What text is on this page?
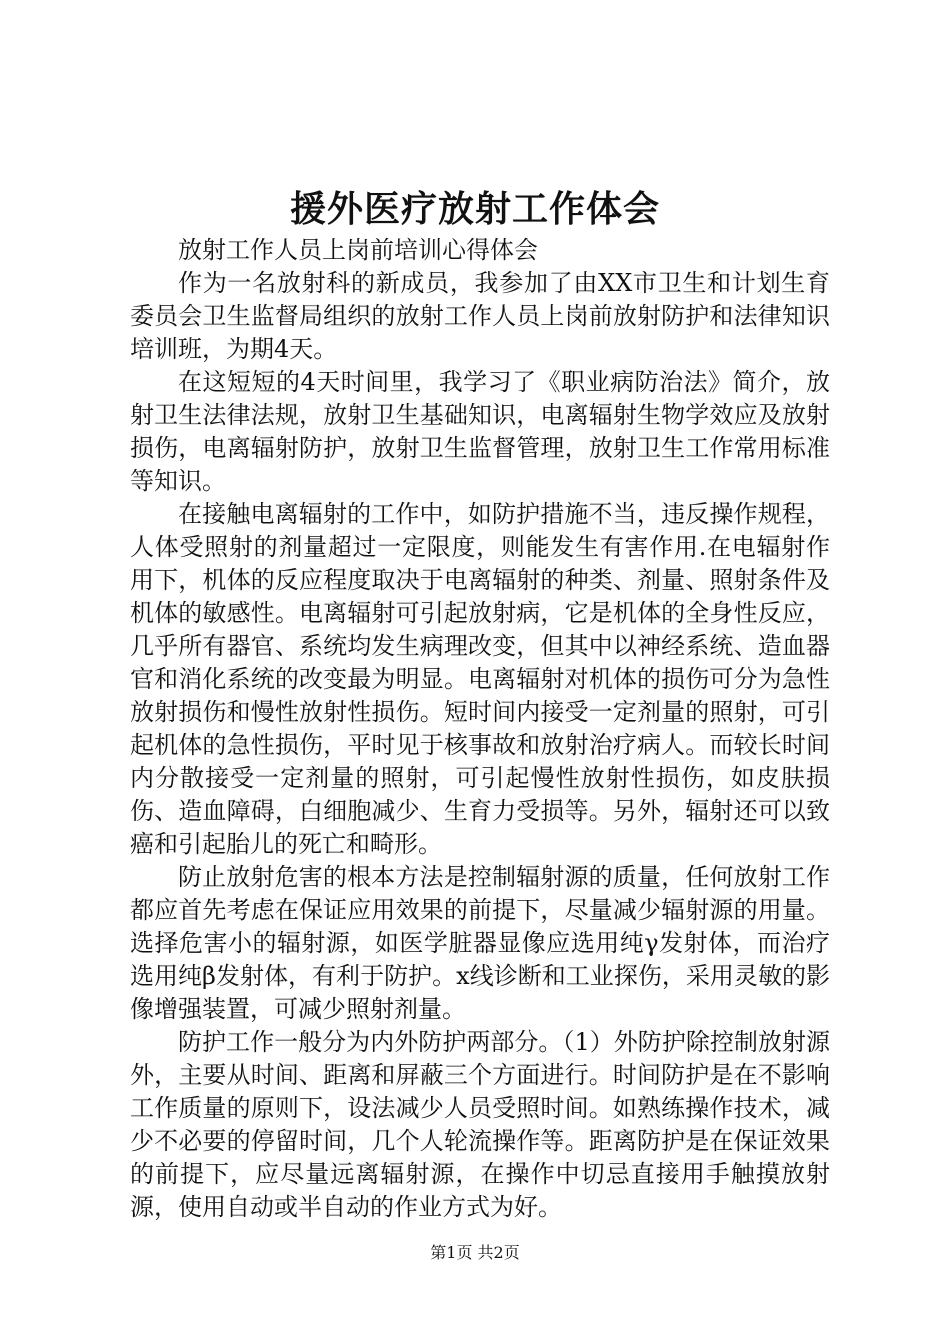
援外医疗放射工作体会

放射工作人员上岗前培训心得体会

作为一名放射科的新成员，我参加了由XX市卫生和计划生育委员会卫生监督局组织的放射工作人员上岗前放射防护和法律知识培训班，为期4天。

在这短短的4天时间里，我学习了《职业病防治法》简介，放射卫生法律法规，放射卫生基础知识，电离辐射生物学效应及放射损伤，电离辐射防护，放射卫生监督管理，放射卫生工作常用标准等知识。

在接触电离辐射的工作中，如防护措施不当，违反操作规程，人体受照射的剂量超过一定限度，则能发生有害作用.在电辐射作用下，机体的反应程度取决于电离辐射的种类、剂量、照射条件及机体的敏感性。电离辐射可引起放射病，它是机体的全身性反应，几乎所有器官、系统均发生病理改变，但其中以神经系统、造血器官和消化系统的改变最为明显。电离辐射对机体的损伤可分为急性放射损伤和慢性放射性损伤。短时间内接受一定剂量的照射，可引起机体的急性损伤，平时见于核事故和放射治疗病人。而较长时间内分散接受一定剂量的照射，可引起慢性放射性损伤，如皮肤损伤、造血障碍，白细胞减少、生育力受损等。另外，辐射还可以致癌和引起胎儿的死亡和畸形。

防止放射危害的根本方法是控制辐射源的质量，任何放射工作都应首先考虑在保证应用效果的前提下，尽量减少辐射源的用量。选择危害小的辐射源，如医学脏器显像应选用纯γ发射体，而治疗选用纯β发射体，有利于防护。x线诊断和工业探伤，采用灵敏的影像增强装置，可减少照射剂量。

防护工作一般分为内外防护两部分。（1）外防护除控制放射源外，主要从时间、距离和屏蔽三个方面进行。时间防护是在不影响工作质量的原则下，设法减少人员受照时间。如熟练操作技术，减少不必要的停留时间，几个人轮流操作等。距离防护是在保证效果的前提下，应尽量远离辐射源，在操作中切忌直接用手触摸放射源，使用自动或半自动的作业方式为好。

第1页 共2页
